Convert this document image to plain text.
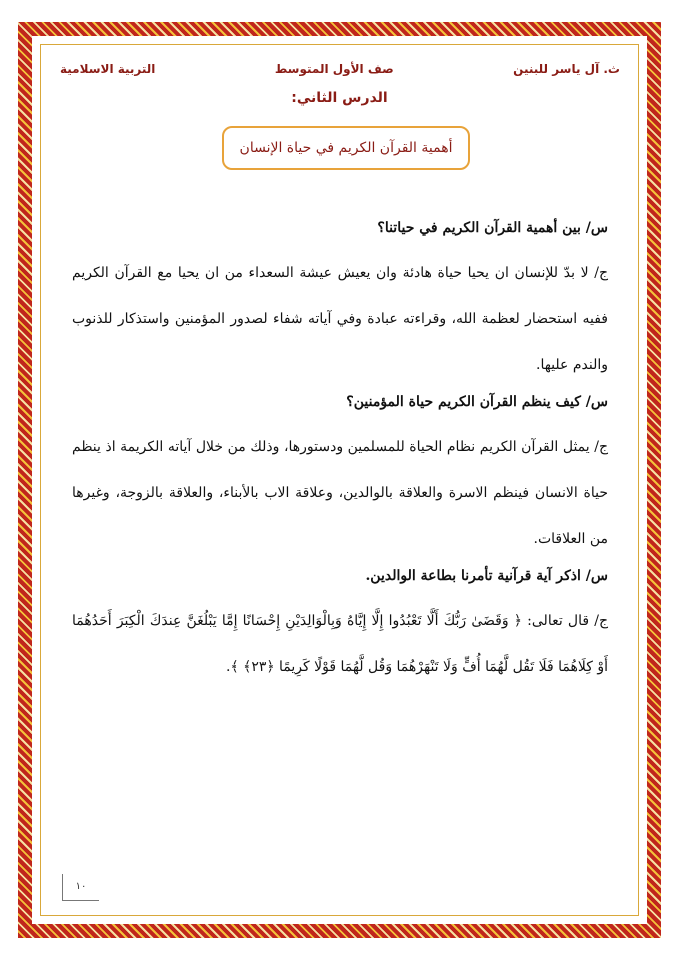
ث. آل ياسر للبنين
صف الأول المتوسط
التربية الاسلامية
الدرس الثاني:
أهمية القرآن الكريم في حياة الإنسان

س/ بين أهمية القرآن الكريم في حياتنا؟

ج/ لا بدّ للإنسان ان يحيا حياة هادئة وان يعيش عيشة السعداء من ان يحيا مع القرآن الكريم ففيه استحضار لعظمة الله، وقراءته عبادة وفي آياته شفاء لصدور المؤمنين واستذكار للذنوب والندم عليها.

س/ كيف ينظم القرآن الكريم حياة المؤمنين؟

ج/ يمثل القرآن الكريم نظام الحياة للمسلمين ودستورها، وذلك من خلال آياته الكريمة اذ ينظم حياة الانسان فينظم الاسرة والعلاقة بالوالدين، وعلاقة الاب بالأبناء، والعلاقة بالزوجة، وغيرها من العلاقات.

س/ اذكر آية قرآنية تأمرنا بطاعة الوالدين.

ج/ قال تعالى: ﴿ وَقَضَىٰ رَبُّكَ أَلَّا تَعْبُدُوا إِلَّا إِيَّاهُ وَبِالْوَالِدَيْنِ إِحْسَانًا إِمَّا يَبْلُغَنَّ عِندَكَ الْكِبَرَ أَحَدُهُمَا أَوْ كِلَاهُمَا فَلَا تَقُل لَّهُمَا أُفٍّ وَلَا تَنْهَرْهُمَا وَقُل لَّهُمَا قَوْلًا كَرِيمًا ﴿٢٣﴾ ﴾.

١٠
